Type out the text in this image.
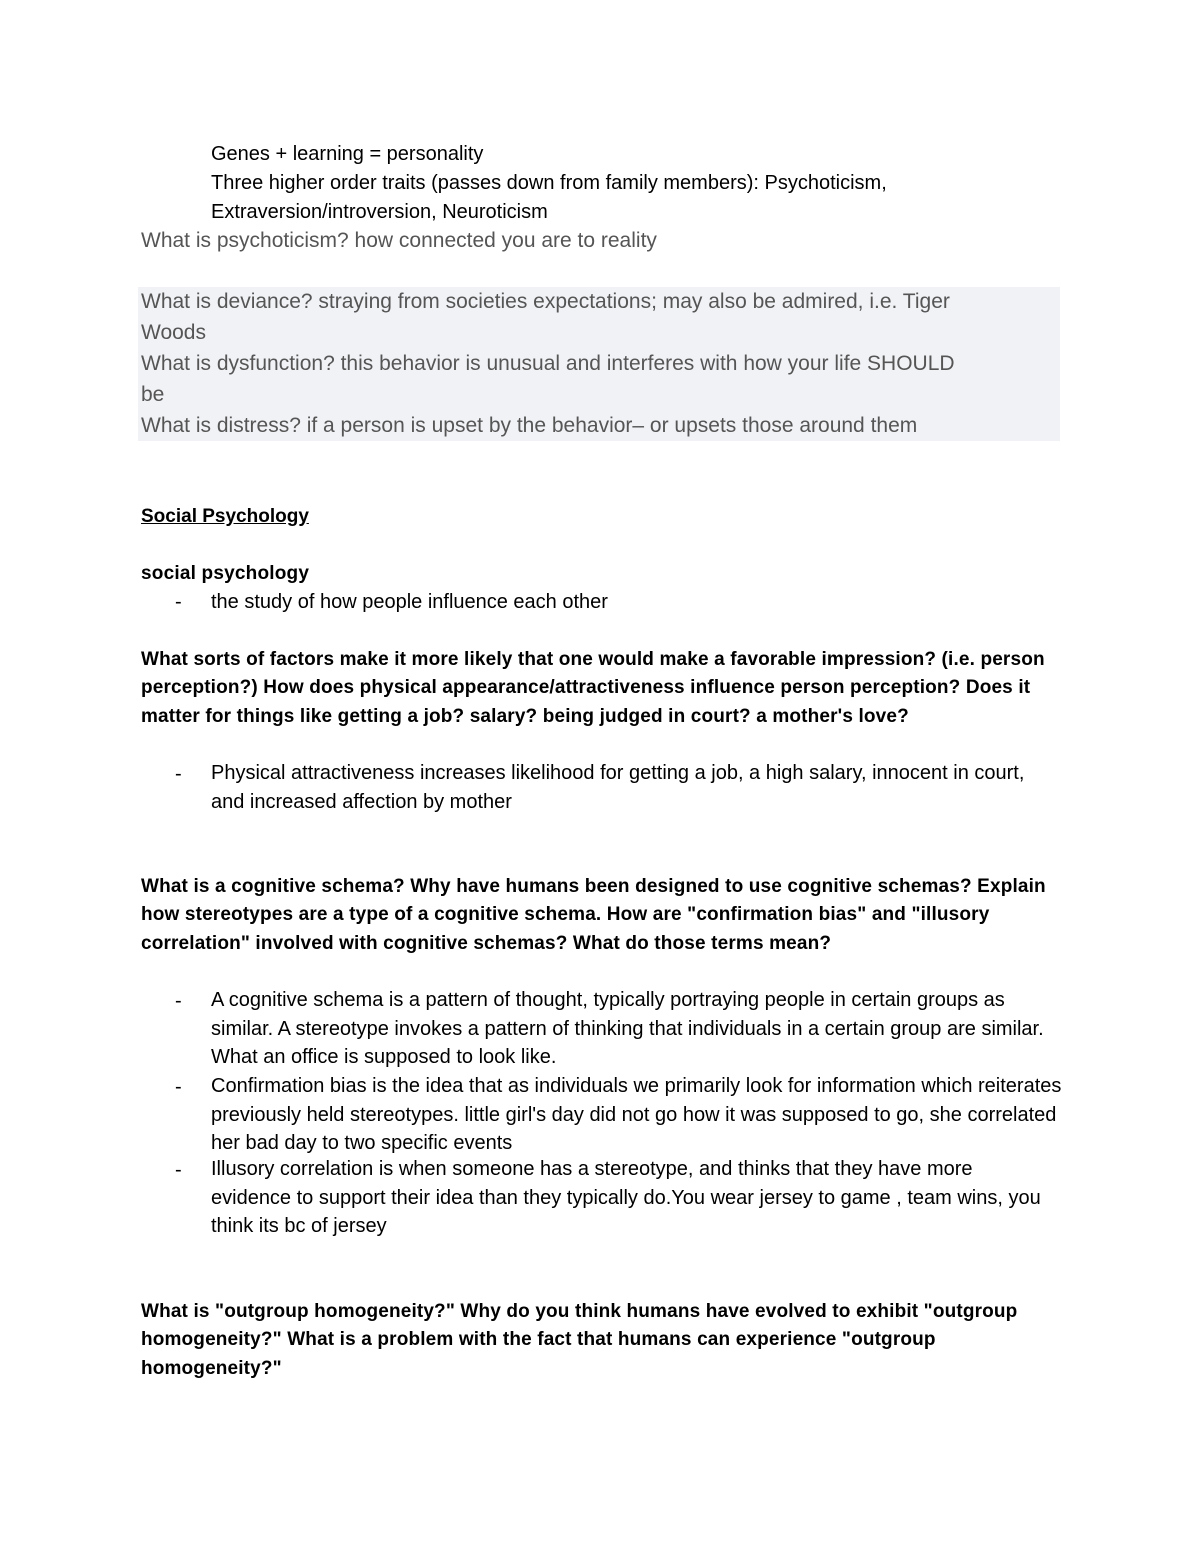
Genes + learning = personality
Three higher order traits (passes down from family members): Psychoticism,
Extraversion/introversion, Neuroticism
What is psychoticism? how connected you are to reality
What is deviance? straying from societies expectations; may also be admired, i.e. Tiger
Woods
What is dysfunction? this behavior is unusual and interferes with how your life SHOULD
be
What is distress? if a person is upset by the behavior– or upsets those around them
Social Psychology
social psychology
- the study of how people influence each other
What sorts of factors make it more likely that one would make a favorable impression? (i.e. person perception?) How does physical appearance/attractiveness influence person perception? Does it matter for things like getting a job? salary? being judged in court? a mother's love?
- Physical attractiveness increases likelihood for getting a job, a high salary, innocent in court, and increased affection by mother
What is a cognitive schema? Why have humans been designed to use cognitive schemas? Explain how stereotypes are a type of a cognitive schema. How are "confirmation bias" and "illusory correlation" involved with cognitive schemas? What do those terms mean?
- A cognitive schema is a pattern of thought, typically portraying people in certain groups as similar. A stereotype invokes a pattern of thinking that individuals in a certain group are similar. What an office is supposed to look like.
- Confirmation bias is the idea that as individuals we primarily look for information which reiterates previously held stereotypes. little girl's day did not go how it was supposed to go, she correlated her bad day to two specific events
- Illusory correlation is when someone has a stereotype, and thinks that they have more evidence to support their idea than they typically do.You wear jersey to game , team wins, you think its bc of jersey
What is "outgroup homogeneity?" Why do you think humans have evolved to exhibit "outgroup homogeneity?" What is a problem with the fact that humans can experience "outgroup homogeneity?"
